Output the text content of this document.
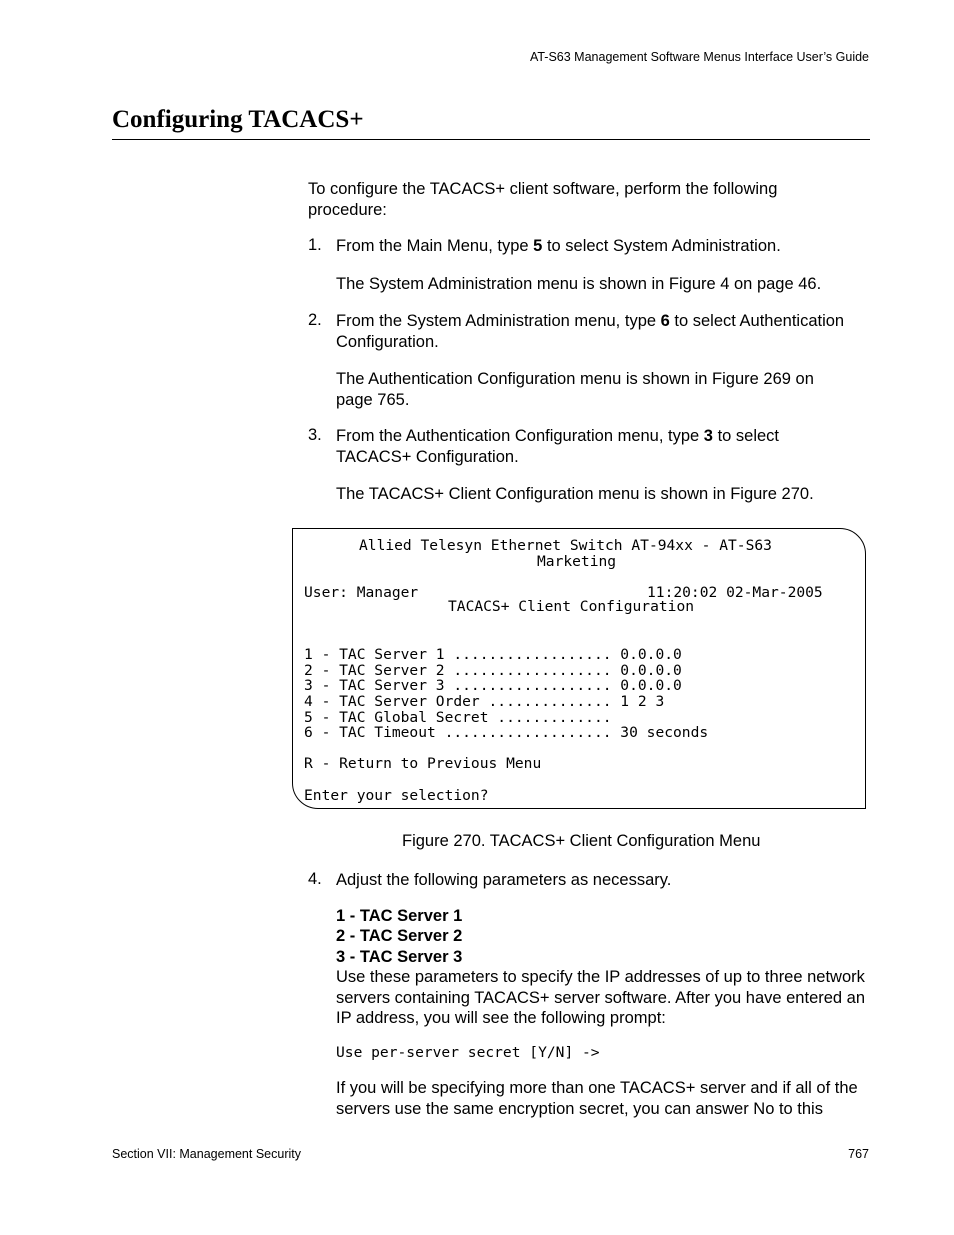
AT-S63 Management Software Menus Interface User’s Guide
Configuring TACACS+
To configure the TACACS+ client software, perform the following procedure:
1. From the Main Menu, type 5 to select System Administration.
The System Administration menu is shown in Figure 4 on page 46.
2. From the System Administration menu, type 6 to select Authentication Configuration.
The Authentication Configuration menu is shown in Figure 269 on page 765.
3. From the Authentication Configuration menu, type 3 to select TACACS+ Configuration.
The TACACS+ Client Configuration menu is shown in Figure 270.
Allied Telesyn Ethernet Switch AT-94xx - AT-S63
Marketing

User: Manager	11:20:02 02-Mar-2005

TACACS+ Client Configuration

1 - TAC Server 1 .................. 0.0.0.0
2 - TAC Server 2 .................. 0.0.0.0
3 - TAC Server 3 .................. 0.0.0.0
4 - TAC Server Order .............. 1 2 3
5 - TAC Global Secret .............
6 - TAC Timeout ................... 30 seconds

R - Return to Previous Menu

Enter your selection?
Figure 270. TACACS+ Client Configuration Menu
4. Adjust the following parameters as necessary.
1 - TAC Server 1
2 - TAC Server 2
3 - TAC Server 3
Use these parameters to specify the IP addresses of up to three network servers containing TACACS+ server software. After you have entered an IP address, you will see the following prompt:
Use per-server secret [Y/N] ->
If you will be specifying more than one TACACS+ server and if all of the servers use the same encryption secret, you can answer No to this
Section VII: Management Security	767
